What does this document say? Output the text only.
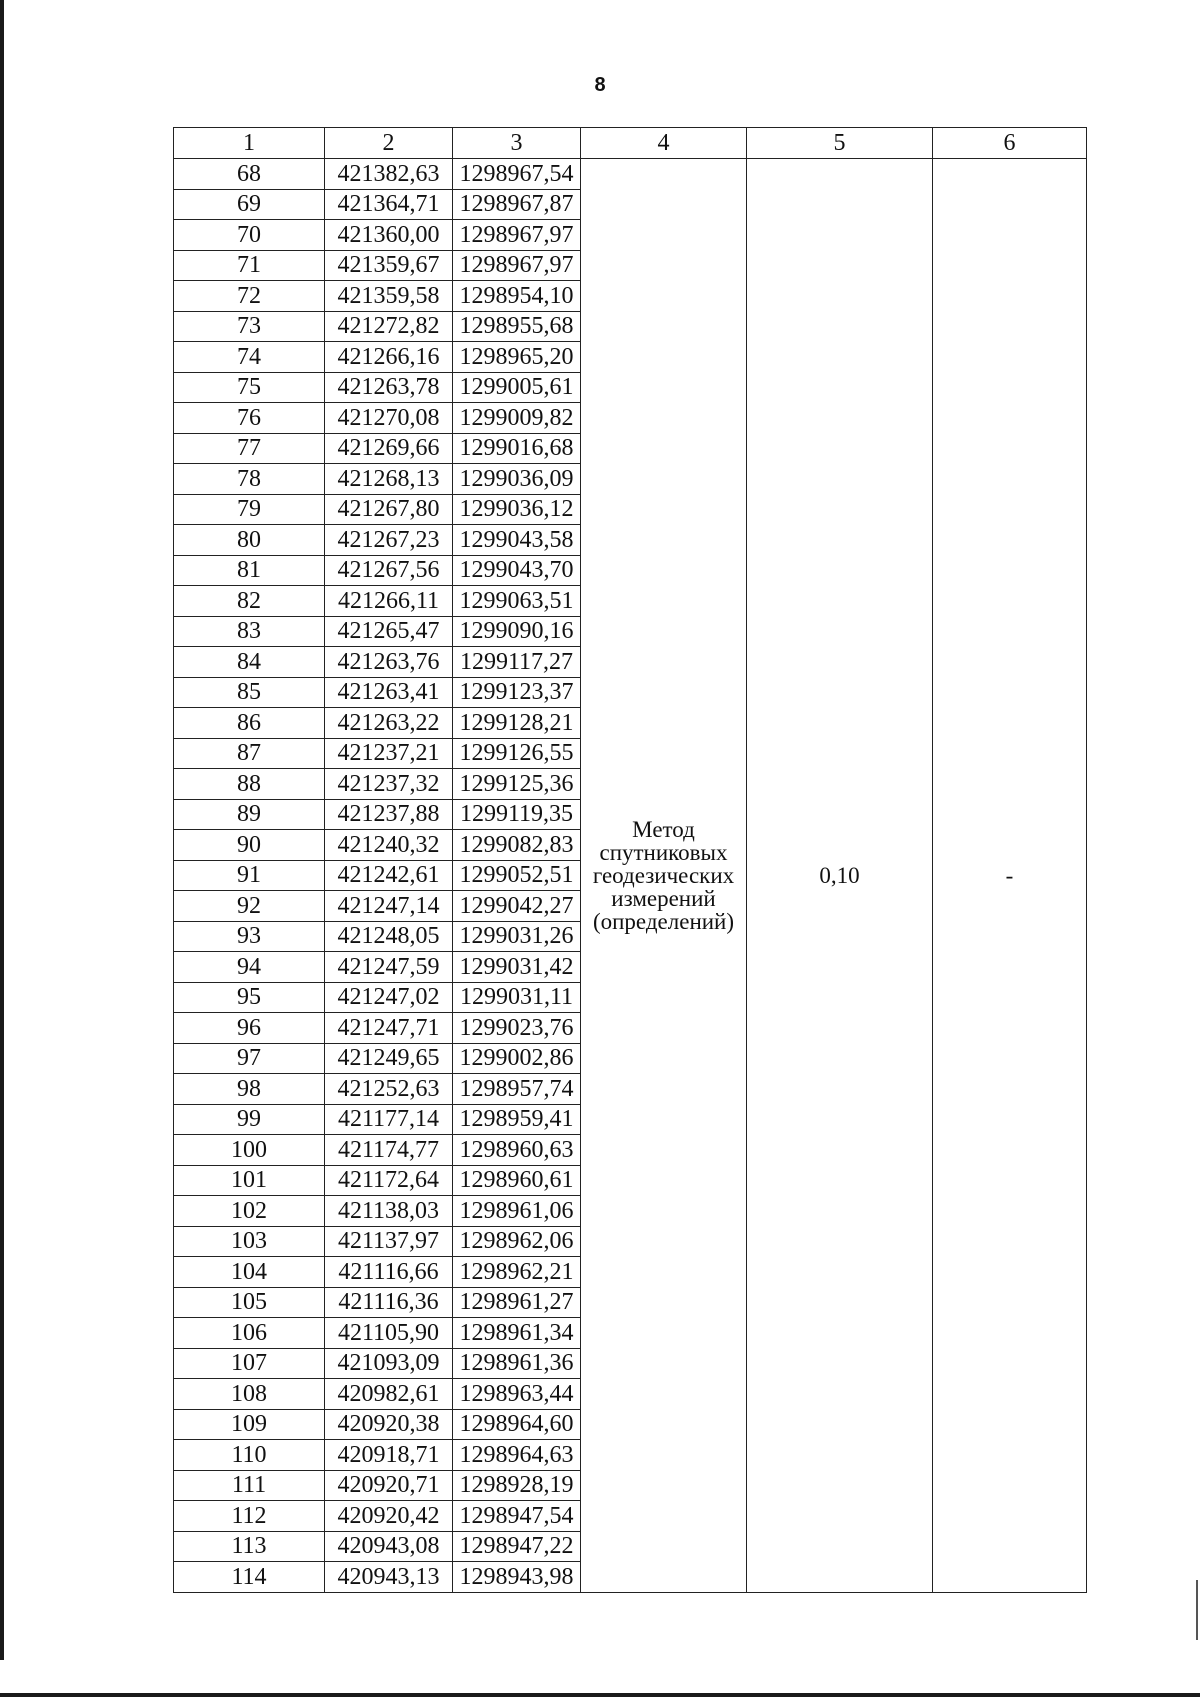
8
1	2	3	4	5	6
68	421382,63	1298967,54	Метод
спутниковых
геодезических
измерений
(определений)	0,10	-
69	421364,71	1298967,87			
70	421360,00	1298967,97			
71	421359,67	1298967,97			
72	421359,58	1298954,10			
73	421272,82	1298955,68			
74	421266,16	1298965,20			
75	421263,78	1299005,61			
76	421270,08	1299009,82			
77	421269,66	1299016,68			
78	421268,13	1299036,09			
79	421267,80	1299036,12			
80	421267,23	1299043,58			
81	421267,56	1299043,70			
82	421266,11	1299063,51			
83	421265,47	1299090,16			
84	421263,76	1299117,27			
85	421263,41	1299123,37			
86	421263,22	1299128,21			
87	421237,21	1299126,55			
88	421237,32	1299125,36			
89	421237,88	1299119,35			
90	421240,32	1299082,83			
91	421242,61	1299052,51			
92	421247,14	1299042,27			
93	421248,05	1299031,26			
94	421247,59	1299031,42			
95	421247,02	1299031,11			
96	421247,71	1299023,76			
97	421249,65	1299002,86			
98	421252,63	1298957,74			
99	421177,14	1298959,41			
100	421174,77	1298960,63			
101	421172,64	1298960,61			
102	421138,03	1298961,06			
103	421137,97	1298962,06			
104	421116,66	1298962,21			
105	421116,36	1298961,27			
106	421105,90	1298961,34			
107	421093,09	1298961,36			
108	420982,61	1298963,44			
109	420920,38	1298964,60			
110	420918,71	1298964,63			
111	420920,71	1298928,19			
112	420920,42	1298947,54			
113	420943,08	1298947,22			
114	420943,13	1298943,98			
